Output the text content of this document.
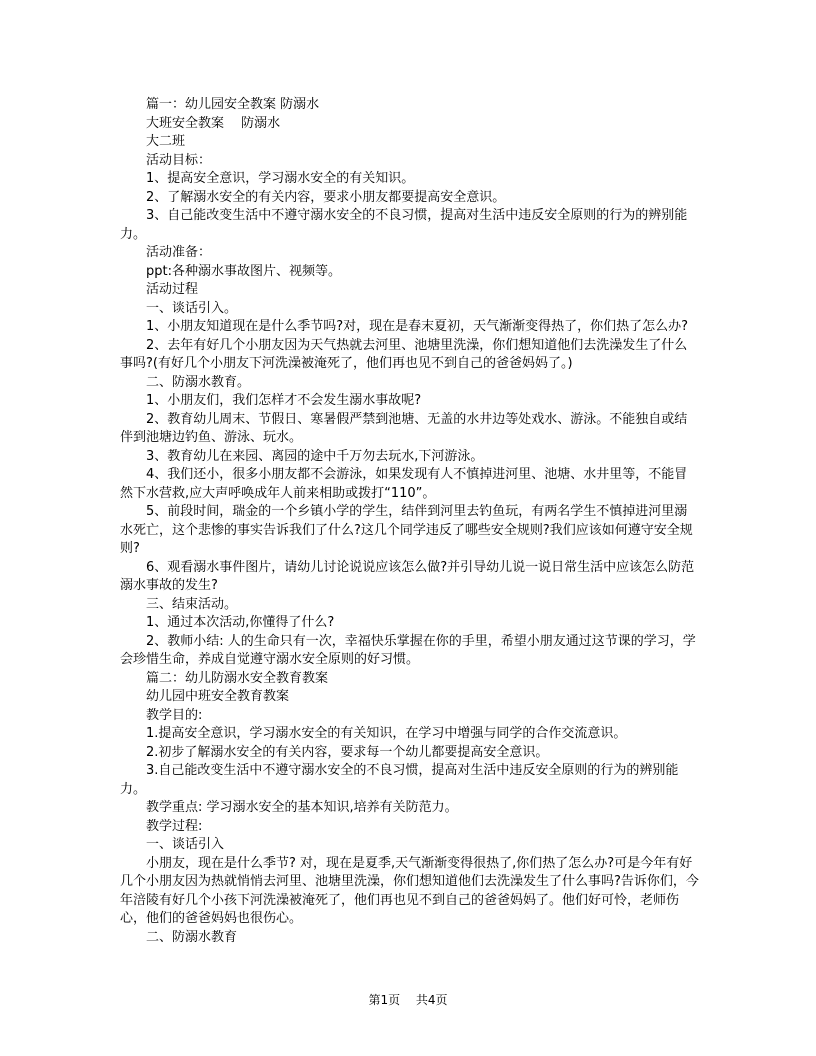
篇一：幼儿园安全教案 防溺水

大班安全教案　 防溺水

大二班

活动目标：

1、提高安全意识，学习溺水安全的有关知识。

2、了解溺水安全的有关内容，要求小朋友都要提高安全意识。

3、自己能改变生活中不遵守溺水安全的不良习惯，提高对生活中违反安全原则的行为的辨别能力。

活动准备：

ppt:各种溺水事故图片、视频等。

活动过程

一、谈话引入。

1、小朋友知道现在是什么季节吗?对，现在是春末夏初，天气渐渐变得热了，你们热了怎么办?

2、去年有好几个小朋友因为天气热就去河里、池塘里洗澡，你们想知道他们去洗澡发生了什么事吗?(有好几个小朋友下河洗澡被淹死了，他们再也见不到自己的爸爸妈妈了。)

二、防溺水教育。

1、小朋友们，我们怎样才不会发生溺水事故呢?

2、教育幼儿周末、节假日、寒暑假严禁到池塘、无盖的水井边等处戏水、游泳。不能独自或结伴到池塘边钓鱼、游泳、玩水。

3、教育幼儿在来园、离园的途中千万勿去玩水,下河游泳。

4、我们还小，很多小朋友都不会游泳，如果发现有人不慎掉进河里、池塘、水井里等，不能冒然下水营救,应大声呼唤成年人前来相助或拨打“110”。

5、前段时间，瑞金的一个乡镇小学的学生，结伴到河里去钓鱼玩，有两名学生不慎掉进河里溺水死亡，这个悲惨的事实告诉我们了什么?这几个同学违反了哪些安全规则?我们应该如何遵守安全规则?

6、观看溺水事件图片，请幼儿讨论说说应该怎么做?并引导幼儿说一说日常生活中应该怎么防范溺水事故的发生?

三、结束活动。

1、通过本次活动,你懂得了什么?

2、教师小结: 人的生命只有一次，幸福快乐掌握在你的手里，希望小朋友通过这节课的学习，学会珍惜生命，养成自觉遵守溺水安全原则的好习惯。

篇二：幼儿防溺水安全教育教案

幼儿园中班安全教育教案

教学目的:

1.提高安全意识，学习溺水安全的有关知识，在学习中增强与同学的合作交流意识。

2.初步了解溺水安全的有关内容，要求每一个幼儿都要提高安全意识。

3.自己能改变生活中不遵守溺水安全的不良习惯，提高对生活中违反安全原则的行为的辨别能力。

教学重点: 学习溺水安全的基本知识,培养有关防范力。

教学过程:

一、谈话引入

小朋友，现在是什么季节? 对，现在是夏季,天气渐渐变得很热了,你们热了怎么办?可是今年有好几个小朋友因为热就悄悄去河里、池塘里洗澡，你们想知道他们去洗澡发生了什么事吗?告诉你们，今年涪陵有好几个小孩下河洗澡被淹死了，他们再也见不到自己的爸爸妈妈了。他们好可怜，老师伤心，他们的爸爸妈妈也很伤心。

二、防溺水教育

第1页　 共4页
